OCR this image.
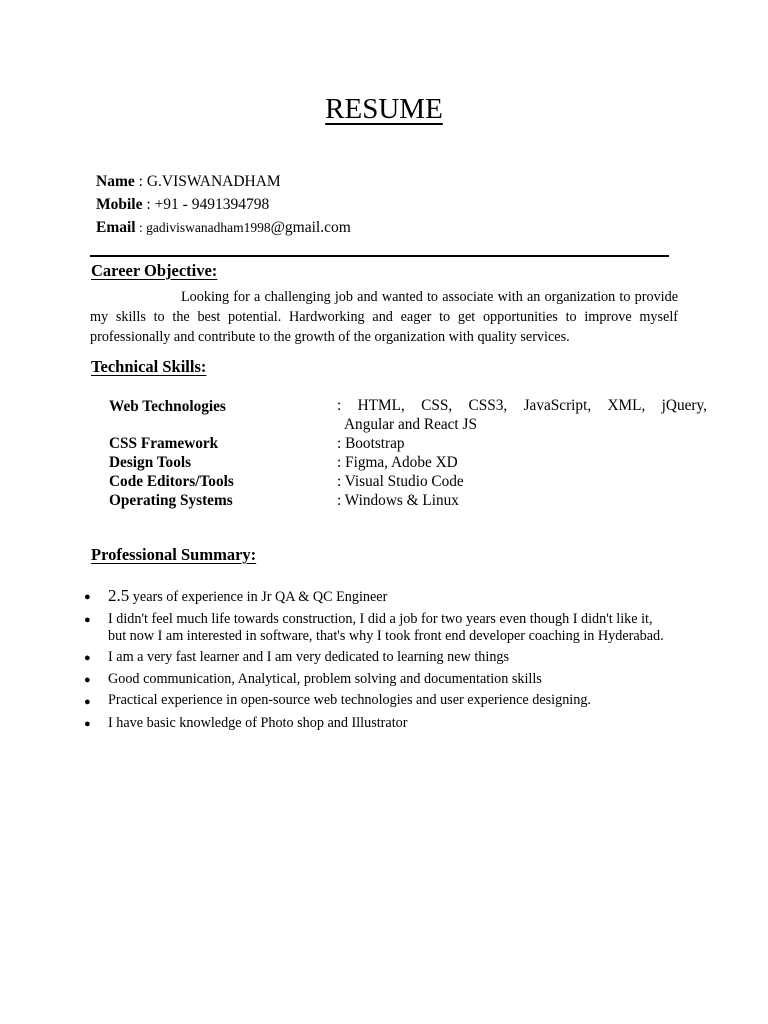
RESUME
Name : G.VISWANADHAM
Mobile : +91 - 9491394798
Email : gadiviswanadham1998@gmail.com
Career Objective:
Looking for a challenging job and wanted to associate with an organization to provide my skills to the best potential. Hardworking and eager to get opportunities to improve myself professionally and contribute to the growth of the organization with quality services.
Technical Skills:
Web Technologies	: HTML, CSS, CSS3, JavaScript, XML, jQuery,
Angular and React JS
CSS Framework	: Bootstrap
Design Tools	: Figma, Adobe XD
Code Editors/Tools	: Visual Studio Code
Operating Systems	: Windows & Linux
Professional Summary:
● 2.5 years of experience in Jr QA & QC Engineer
● I didn't feel much life towards construction, I did a job for two years even though I didn't like it,
but now I am interested in software, that's why I took front end developer coaching in Hyderabad.
● I am a very fast learner and I am very dedicated to learning new things
● Good communication, Analytical, problem solving and documentation skills
● Practical experience in open-source web technologies and user experience designing.
● I have basic knowledge of Photo shop and Illustrator
